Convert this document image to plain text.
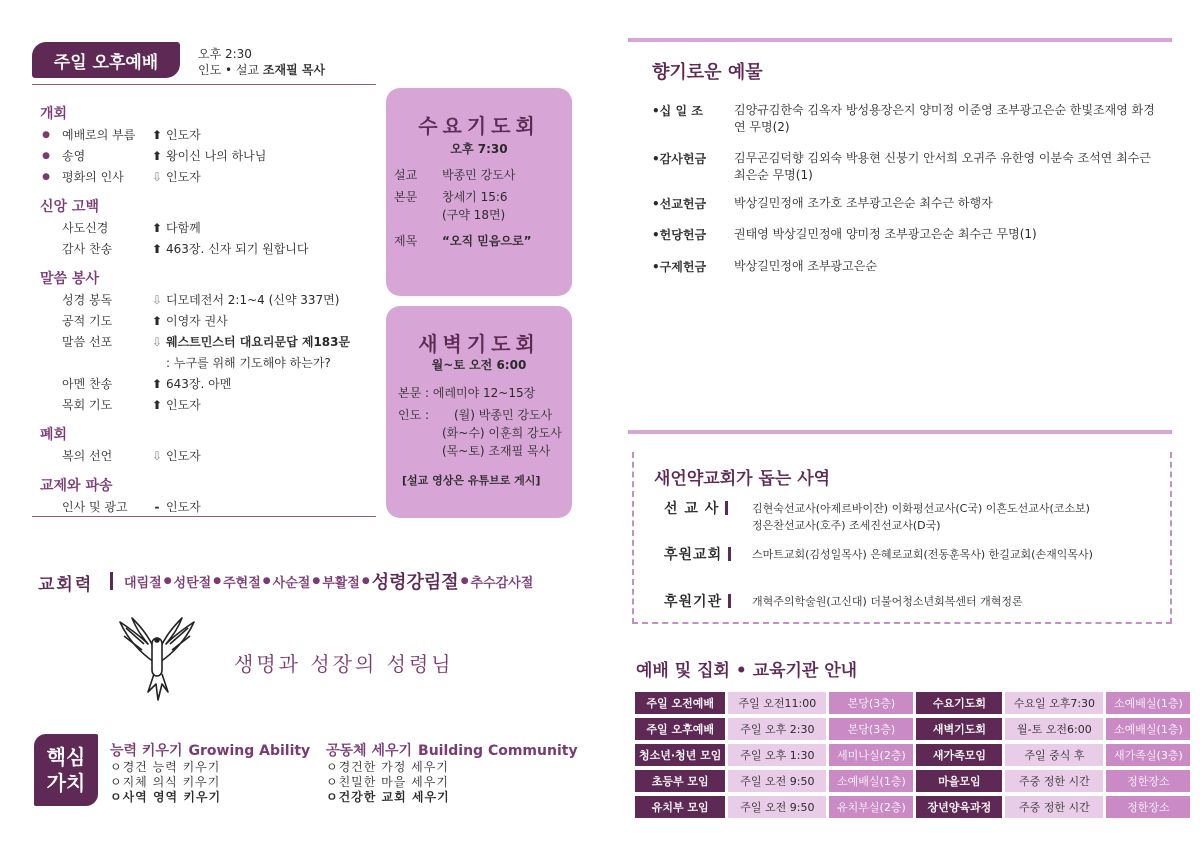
주일 오후예배	오후 2:30
인도 • 설교 조재필 목사
개회
●	예배로의 부름	⬆ 인도자
●	송영	⬆ 왕이신 나의 하나님
●	평화의 인사	⇩ 인도자
신앙 고백
사도신경	⬆ 다함께
감사 찬송	⬆ 463장. 신자 되기 원합니다
말씀 봉사
성경 봉독	⇩ 디모데전서 2:1~4 (신약 337면)
공적 기도	⬆ 이영자 권사
말씀 선포	⇩ 웨스트민스터 대요리문답 제183문
: 누구를 위해 기도해야 하는가?
아멘 찬송	⬆ 643장. 아멘
목회 기도	⬆ 인도자
폐회
복의 선언	⇩ 인도자
교제와 파송
인사 및 광고	- 인도자
수요기도회
오후 7:30
설교 박종민 강도사
본문 창세기 15:6
(구약 18면)
제목 “오직 믿음으로”
새벽기도회
월~토 오전 6:00
본문 : 에레미야 12~15장
인도 : (월) 박종민 강도사
(화~수) 이훈희 강도사
(목~토) 조재필 목사
[설교 영상은 유튜브로 게시]
교회력 대림절 ● 성탄절 ● 주현절 ● 사순절 ● 부활절 ● 성령강림절 ● 추수감사절
생명과 성장의 성령님
핵심
가치
능력 키우기 Growing Ability
ㅇ경건 능력 키우기
ㅇ지체 의식 키우기
ㅇ사역 영역 키우기
공동체 세우기 Building Community
ㅇ경건한 가정 세우기
ㅇ친밀한 마을 세우기
ㅇ건강한 교회 세우기
향기로운 예물
•십 일 조	김양규김한숙 김옥자 방성용장은지 양미정 이준영 조부광고은순 한빛조재영 화경연 무명(2)
•감사헌금 김무곤김덕향 김외숙 박용현 신붕기 안서희 오귀주 유한영 이분숙 조석연 최수근 최은순 무명(1)
•선교헌금 박상길민정애 조가호 조부광고은순 최수근 하행자
•헌당헌금 권태영 박상길민정애 양미정 조부광고은순 최수근 무명(1)
•구제헌금 박상길민정애 조부광고은순
새언약교회가 돕는 사역
선 교 사	김현숙선교사(아제르바이잔) 이화평선교사(C국) 이흔도선교사(코소보)
정은찬선교사(호주) 조세진선교사(D국)
후원교회	스마트교회(김성일목사) 은혜로교회(전동훈목사) 한길교회(손재익목사)
후원기관	개혁주의학술원(고신대) 더불어청소년회복센터 개혁정론
예배 및 집회 • 교육기관 안내
주일 오전예배	주일 오전11:00	본당(3층)	수요기도회	수요일 오후7:30	소예배실(1층)
주일 오후예배	주일 오후 2:30	본당(3층)	새벽기도회	월-토 오전6:00	소예배실(1층)
청소년·청년 모임	주일 오후 1:30	세미나실(2층)	새가족모임	주일 중식 후	새가족실(3층)
초등부 모임	주일 오전 9:50	소예배실(1층)	마을모임	주중 정한 시간	정한장소
유치부 모임	주일 오전 9:50	유치부실(2층)	장년양육과정	주중 정한 시간	정한장소
